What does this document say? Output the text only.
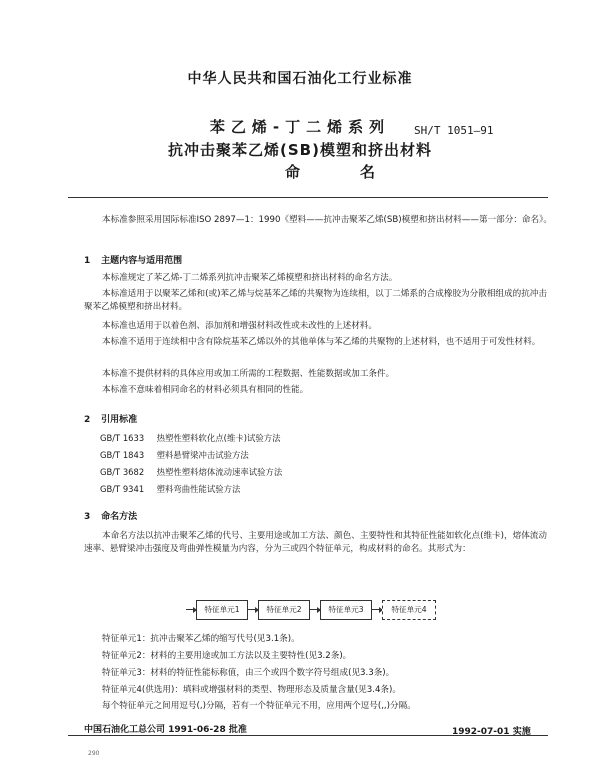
中华人民共和国石油化工行业标准
苯乙烯-丁二烯系列
抗冲击聚苯乙烯(SB)模塑和挤出材料
命名
SH/T 1051—91
本标准参照采用国际标准ISO 2897—1：1990《塑料——抗冲击聚苯乙烯(SB)模塑和挤出材料——第一部分：命名》。
1 主题内容与适用范围
本标准规定了苯乙烯-丁二烯系列抗冲击聚苯乙烯模塑和挤出材料的命名方法。
本标准适用于以聚苯乙烯和(或)苯乙烯与烷基苯乙烯的共聚物为连续相，以丁二烯系的合成橡胶为分散相组成的抗冲击聚苯乙烯模塑和挤出材料。
本标准也适用于以着色剂、添加剂和增强材料改性或未改性的上述材料。
本标准不适用于连续相中含有除烷基苯乙烯以外的其他单体与苯乙烯的共聚物的上述材料，也不适用于可发性材料。
本标准不提供材料的具体应用或加工所需的工程数据、性能数据或加工条件。
本标准不意味着相同命名的材料必须具有相同的性能。
2 引用标准
GB/T 1633 热塑性塑料软化点(维卡)试验方法
GB/T 1843 塑料悬臂梁冲击试验方法
GB/T 3682 热塑性塑料熔体流动速率试验方法
GB/T 9341 塑料弯曲性能试验方法
3 命名方法
本命名方法以抗冲击聚苯乙烯的代号、主要用途或加工方法、颜色、主要特性和其特征性能如软化点(维卡)，熔体流动速率、悬臂梁冲击强度及弯曲弹性模量为内容，分为三或四个特征单元，构成材料的命名。其形式为：
特征单元1	特征单元2	特征单元3	特征单元4
特征单元1：抗冲击聚苯乙烯的缩写代号(见3.1条)。
特征单元2：材料的主要用途或加工方法以及主要特性(见3.2条)。
特征单元3：材料的特征性能标称值，由三个或四个数字符号组成(见3.3条)。
特征单元4(供选用)：填料或增强材料的类型、物理形态及质量含量(见3.4条)。
每个特征单元之间用逗号(,)分隔，若有一个特征单元不用，应用两个逗号(,,)分隔。
中国石油化工总公司 1991-06-28 批准	1992-07-01 实施
290
